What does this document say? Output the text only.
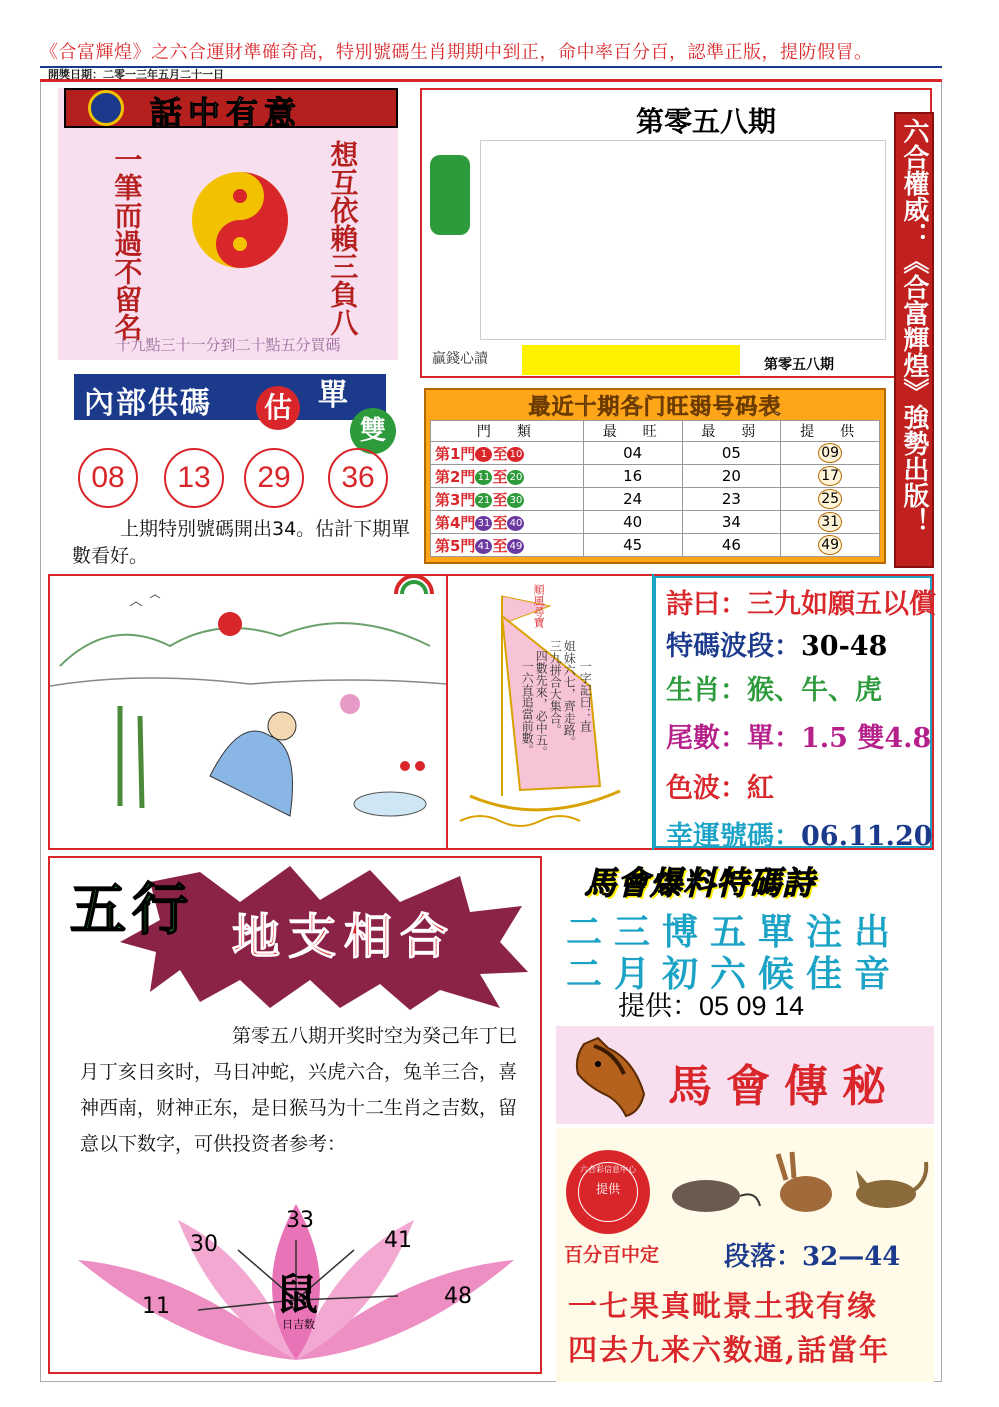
《合富輝煌》之六合運財準確奇高，特別號碼生肖期期中到正，命中率百分百，認準正版，提防假冒。
開獎日期：二零一三年五月二十一日
話中有意
一筆而過不留名	想互依賴三負八
十九點三十一分到二十點五分買碼
第零五八期
贏錢心讀	第零五八期 六合權威：《合富輝煌》強勢出版！
內部供碼 估 單
雙
08	13	29	36
上期特別號碼開出34。估計下期單數看好。
最近十期各门旺弱号码表
門　類	最　旺	最　弱	提　供
第1門 1 至 10	04	05	09
第2門 11 至 20	16	20	17
第3門 21 至 30	24	23	25
第4門 31 至 40	40	34	31
第5門 41 至 49	45	46	49
順風尋寶
一字記曰：直
姐妹六七，齊走路。
三九拼合大集合。
四數先來，必中五。
一六直追當前數。
詩曰：三九如願五以償
特碼波段：30-48
生肖：猴、牛、虎
尾數：單：1.5 雙4.8
色波：紅
幸運號碼：06.11.20
五行 地支相合
第零五八期开奖时空为癸己年丁巳月丁亥日亥时，马日冲蛇，兴虎六合，兔羊三合，喜神西南，财神正东，是日猴马为十二生肖之吉数，留意以下数字，可供投资者参考：
33
30	41
11	48
鼠
日吉数
馬會爆料特碼詩
二三博五單注出
二月初六候佳音
提供：05 09 14
馬會傳秘
六合彩信息中心
提供
百分百中定 段落：32—44
一七果真毗景土我有缘
四去九来六数通,話當年
